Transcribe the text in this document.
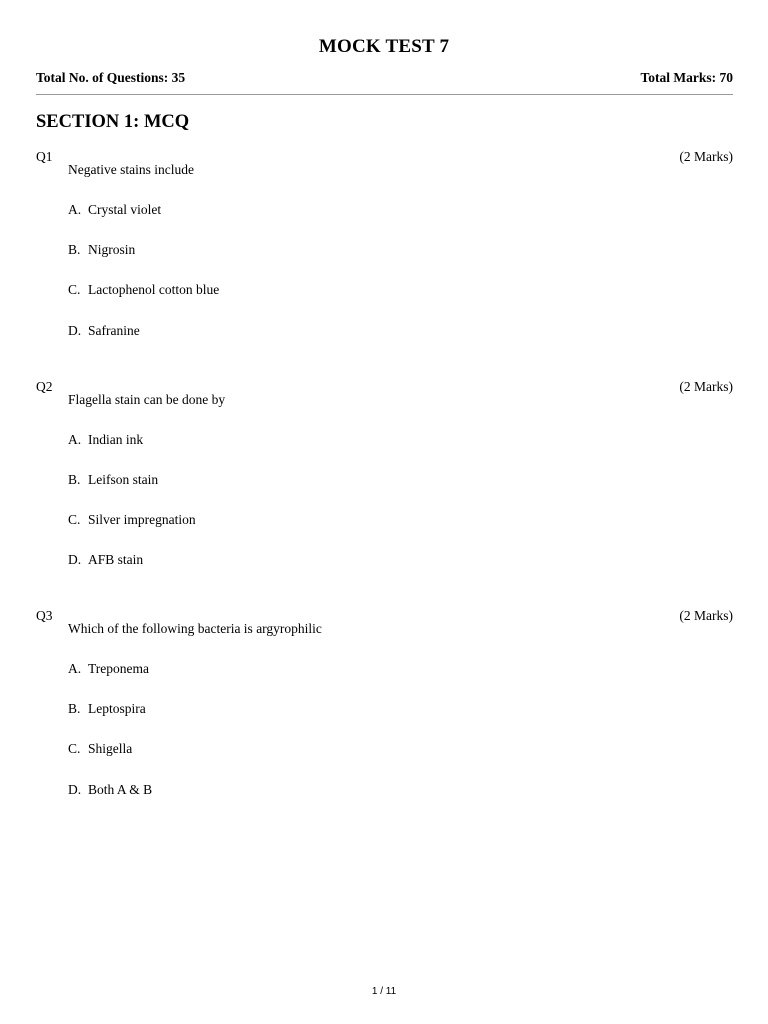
MOCK TEST 7
Total No. of Questions: 35	Total Marks: 70
SECTION 1: MCQ
Q1	(2 Marks)
Negative stains include
A. Crystal violet
B. Nigrosin
C. Lactophenol cotton blue
D. Safranine
Q2	(2 Marks)
Flagella stain can be done by
A. Indian ink
B. Leifson stain
C. Silver impregnation
D. AFB stain
Q3	(2 Marks)
Which of the following bacteria is argyrophilic
A. Treponema
B. Leptospira
C. Shigella
D. Both A & B
1 / 11
